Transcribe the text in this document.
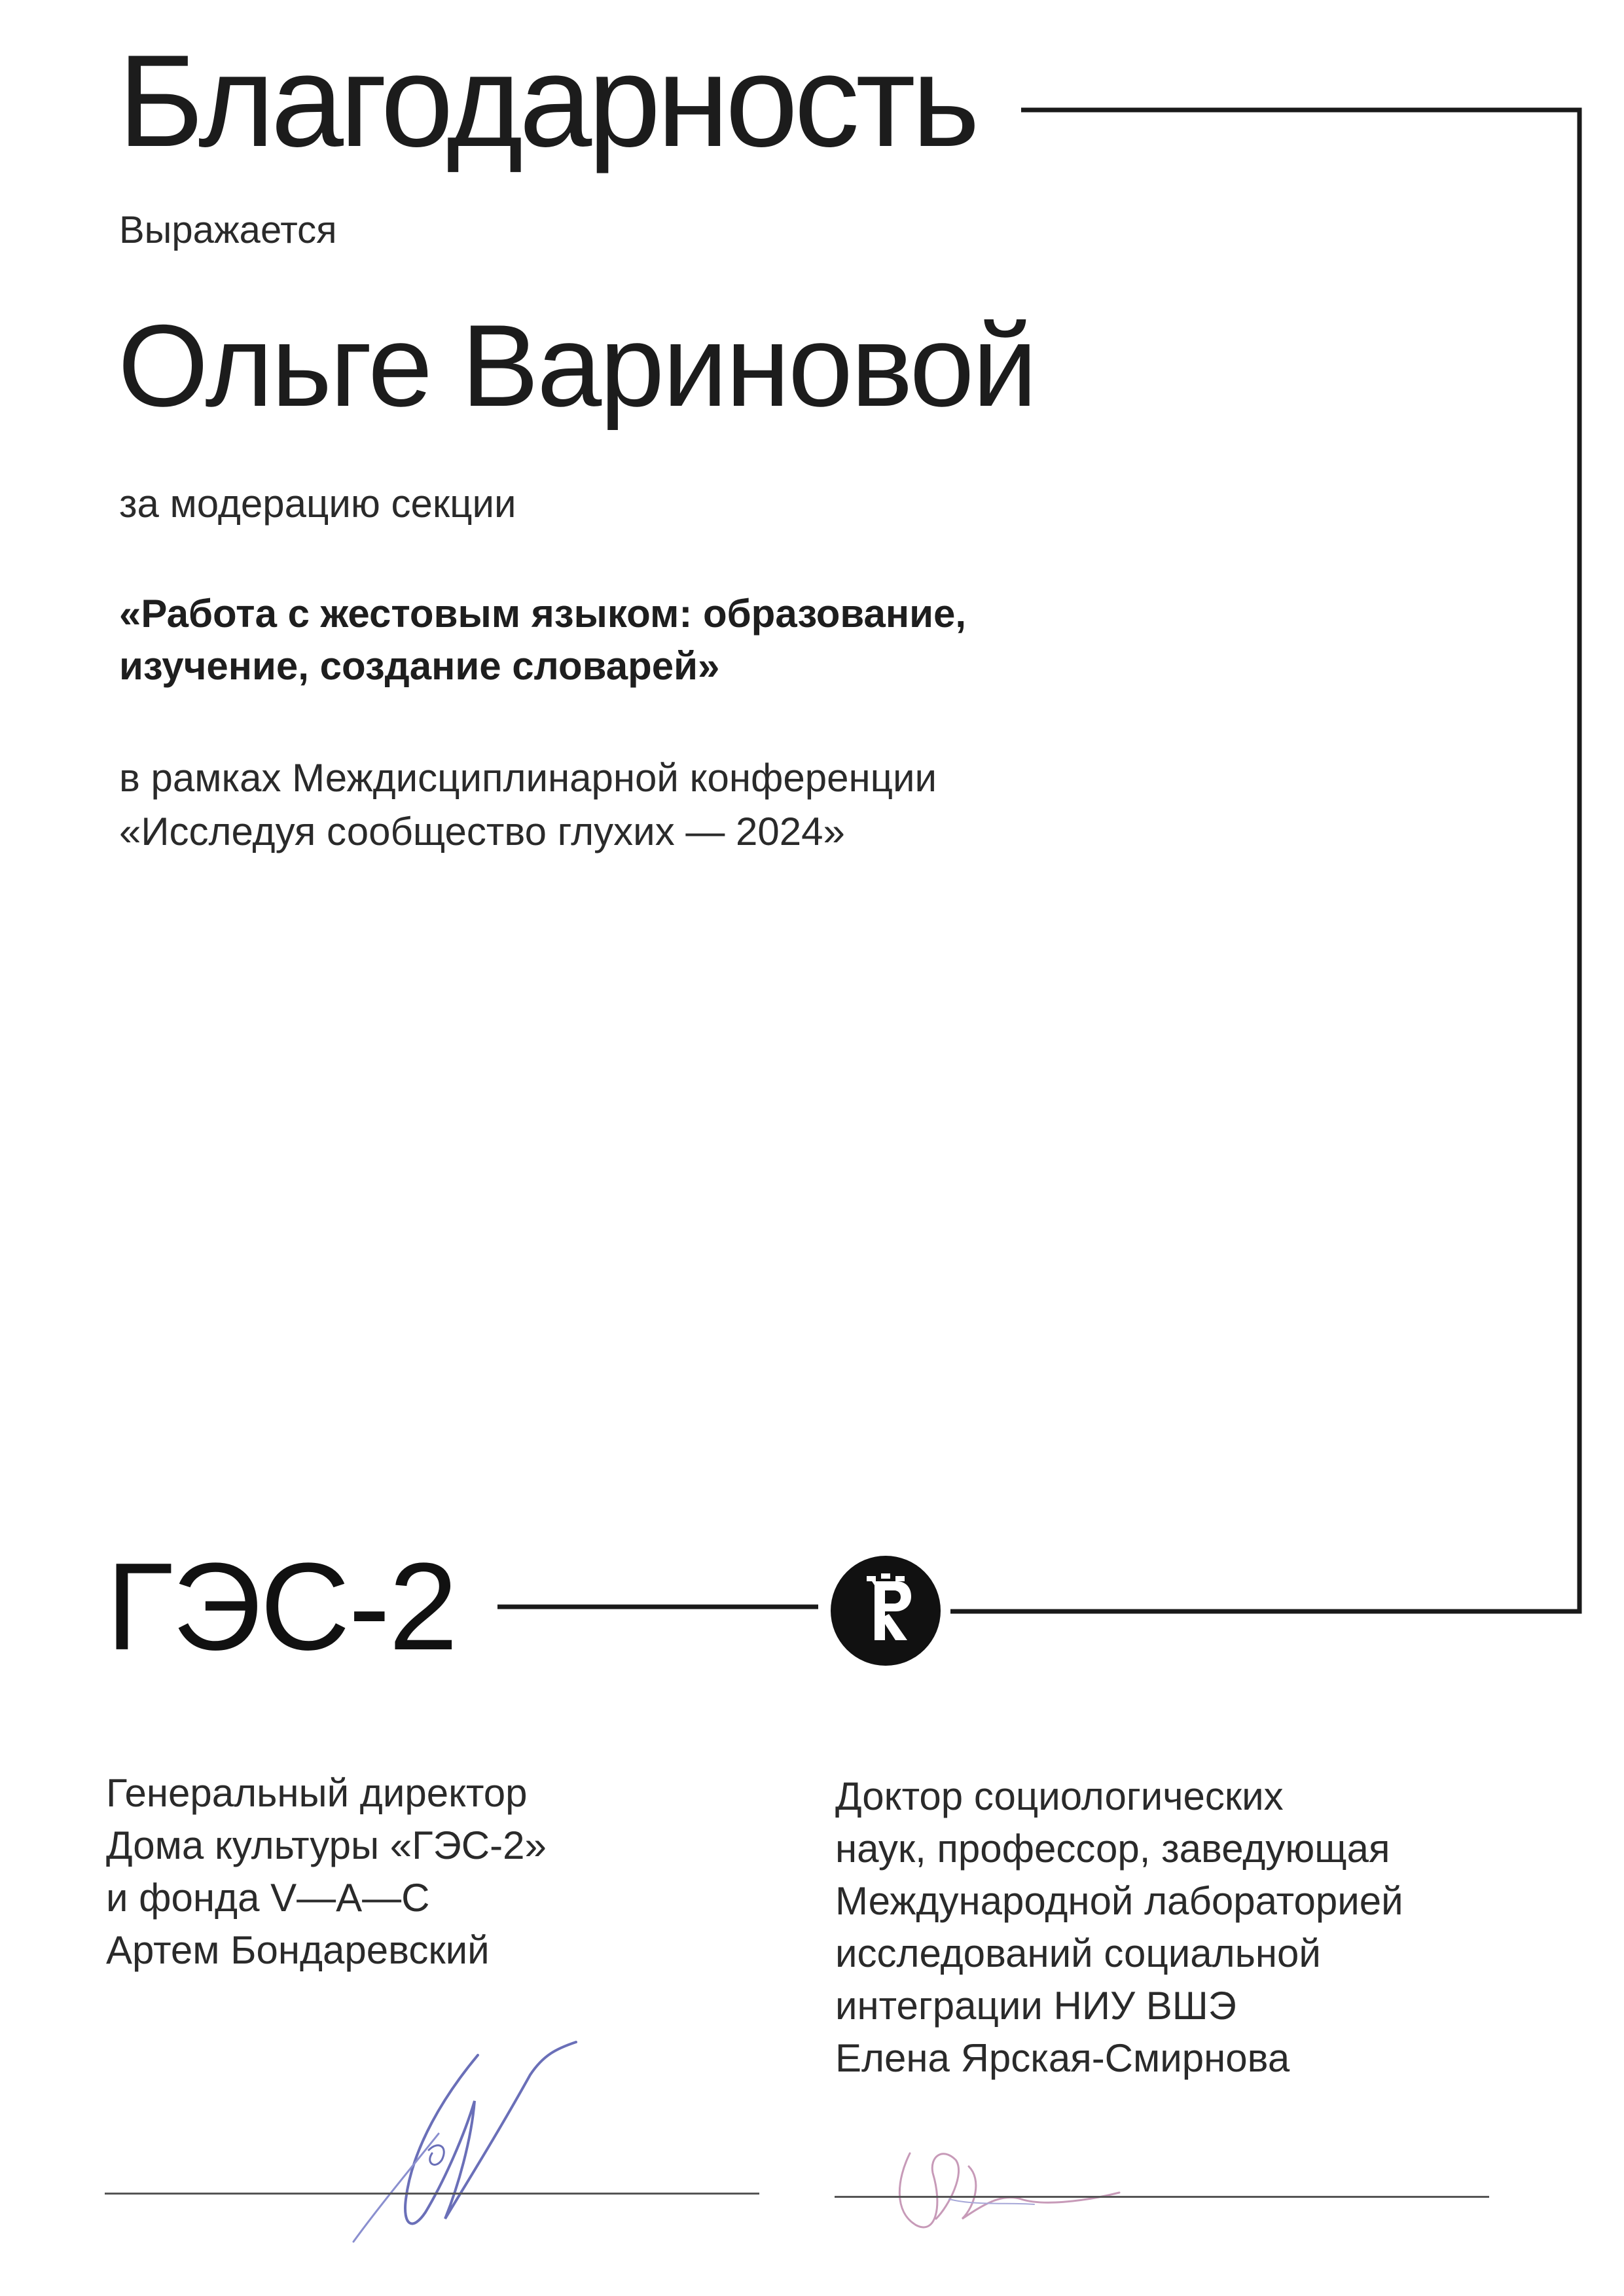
Благодарность
Выражается
Ольге Вариновой
за модерацию секции
«Работа с жестовым языком: образование,
изучение, создание словарей»
в рамках Междисциплинарной конференции
«Исследуя сообщество глухих — 2024»
ГЭС-2
Генеральный директор
Дома культуры «ГЭС-2»
и фонда V—A—C
Артем Бондаревский
Доктор социологических
наук, профессор, заведующая
Международной лабораторией
исследований социальной
интеграции НИУ ВШЭ
Елена Ярская-Смирнова
